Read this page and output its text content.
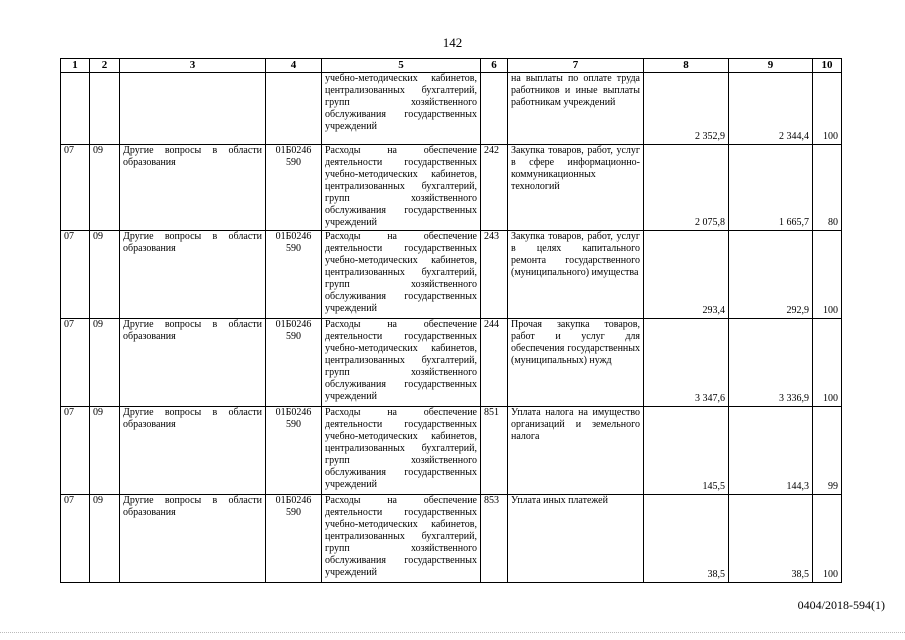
142
1	2	3	4	5	6	7	8	9	10
				учебно-методических кабинетов, централизованных бухгалтерий, групп хозяйственного обслуживания государственных учреждений		на выплаты по оплате труда работников и иные выплаты работникам учреждений	2 352,9	2 344,4	100
07	09	Другие вопросы в области образования	01Б0246 590	Расходы на обеспечение деятельности государственных учебно-методических кабинетов, централизованных бухгалтерий, групп хозяйственного обслуживания государственных учреждений	242	Закупка товаров, работ, услуг в сфере информационно-коммуникационных технологий	2 075,8	1 665,7	80
07	09	Другие вопросы в области образования	01Б0246 590	Расходы на обеспечение деятельности государственных учебно-методических кабинетов, централизованных бухгалтерий, групп хозяйственного обслуживания государственных учреждений	243	Закупка товаров, работ, услуг в целях капитального ремонта государственного (муниципального) имущества	293,4	292,9	100
07	09	Другие вопросы в области образования	01Б0246 590	Расходы на обеспечение деятельности государственных учебно-методических кабинетов, централизованных бухгалтерий, групп хозяйственного обслуживания государственных учреждений	244	Прочая закупка товаров, работ и услуг для обеспечения государственных (муниципальных) нужд	3 347,6	3 336,9	100
07	09	Другие вопросы в области образования	01Б0246 590	Расходы на обеспечение деятельности государственных учебно-методических кабинетов, централизованных бухгалтерий, групп хозяйственного обслуживания государственных учреждений	851	Уплата налога на имущество организаций и земельного налога	145,5	144,3	99
07	09	Другие вопросы в области образования	01Б0246 590	Расходы на обеспечение деятельности государственных учебно-методических кабинетов, централизованных бухгалтерий, групп хозяйственного обслуживания государственных учреждений	853	Уплата иных платежей	38,5	38,5	100
0404/2018-594(1)
